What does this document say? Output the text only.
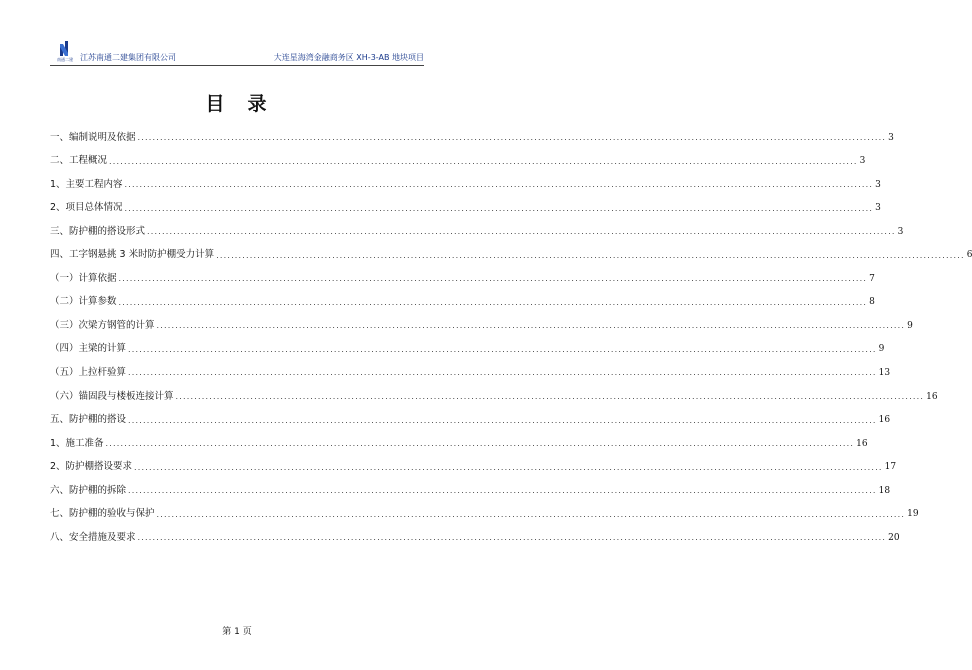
南通二建 江苏南通二建集团有限公司	大连星海湾金融商务区 XH-3-AB 地块项目
目　录
一、编制说明及依据 ........................................................................................................................................................................................................ 3
二、工程概况 ........................................................................................................................................................................................................ 3
1、主要工程内容 ........................................................................................................................................................................................................ 3
2、项目总体情况 ........................................................................................................................................................................................................ 3
三、防护棚的搭设形式 ........................................................................................................................................................................................................ 3
四、工字钢悬挑 3 米时防护棚受力计算 ........................................................................................................................................................................................................ 6
（一）计算依据 ........................................................................................................................................................................................................ 7
（二）计算参数 ........................................................................................................................................................................................................ 8
（三）次梁方钢管的计算 ........................................................................................................................................................................................................ 9
（四）主梁的计算 ........................................................................................................................................................................................................ 9
（五）上拉杆验算 ........................................................................................................................................................................................................ 13
（六）锚固段与楼板连接计算 ........................................................................................................................................................................................................ 16
五、防护棚的搭设 ........................................................................................................................................................................................................ 16
1、施工准备 ........................................................................................................................................................................................................ 16
2、防护棚搭设要求 ........................................................................................................................................................................................................ 17
六、防护棚的拆除 ........................................................................................................................................................................................................ 18
七、防护棚的验收与保护 ........................................................................................................................................................................................................ 19
八、安全措施及要求 ........................................................................................................................................................................................................ 20
第 1 页
